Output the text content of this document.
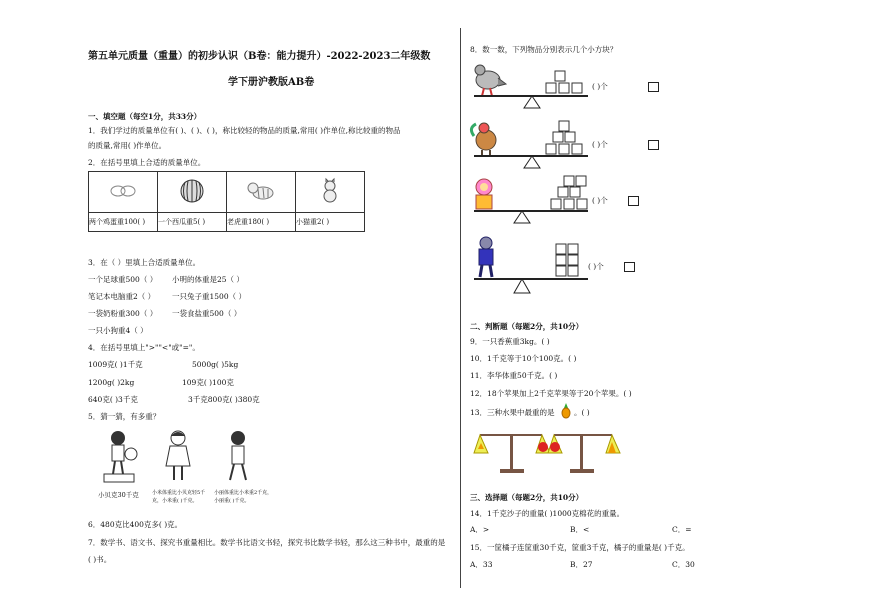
第五单元质量（重量）的初步认识（B卷：能力提升）-2022-2023二年级数
学下册沪教版AB卷
一、填空题（每空1分，共33分）
1．我们学过的质量单位有( )、( )、( )，称比较轻的物品的质量,常用( )作单位,称比较重的物品
的质量,常用( )作单位。
2．在括号里填上合适的质量单位。

两个鸡蛋重100( )	一个西瓜重5( )	老虎重180( )	小猫重2( )
3．在（ ）里填上合适质量单位。
一个足球重500（ ） 小明的体重是25（ ）
笔记本电脑重2（ ） 一只兔子重1500（ ）
一袋奶粉重300（ ） 一袋食盐重500（ ）
一只小狗重4（ ）
4．在括号里填上">""<"或"="。
1009克( )1千克	5000g( )5kg
1200g( )2kg	109克( )100克
640克( )3千克	3千克800克( )380克
5．猜一猜，有多重？
小贝克30千克	小米体重比小贝克轻5千
克，小米重( )千克。
小丽体重比小米重2千克，
小丽重( )千克。
6．480克比400克多( )克。
7．数学书、语文书、探究书重量相比。数学书比语文书轻，探究书比数学书轻，那么这三种书中，最重的是
( )书。
8．数一数，下列物品分别表示几个小方块？
( )个
( )个
( )个
( )个
二、判断题（每题2分，共10分）
9．一只香蕉重3kg。( )
10．1千克等于10个100克。( )
11．李华体重50千克。( )
12．18个苹果加上2千克苹果等于20个苹果。( )
13．三种水果中最重的是	。( )
三、选择题（每题2分，共10分）
14．1千克沙子的重量( )1000克棉花的重量。
A．>	B．<	C．=
15．一筐橘子连筐重30千克，筐重3千克，橘子的重量是( )千克。
A．33	B．27	C．30
